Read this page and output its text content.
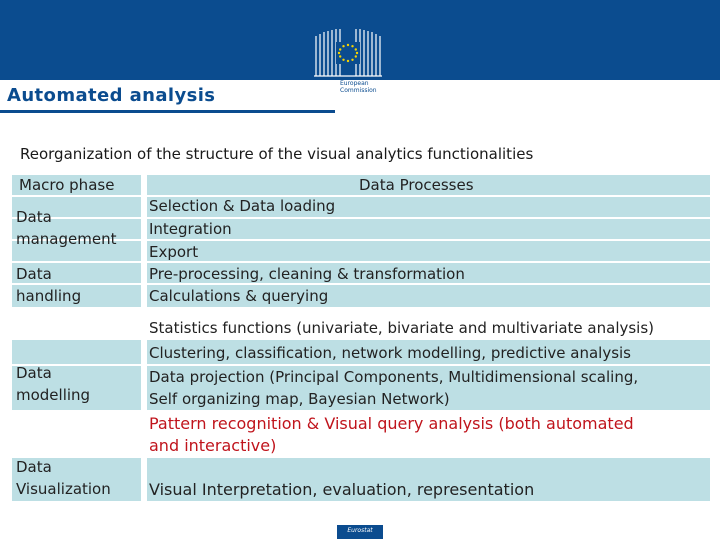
European Commission
Automated analysis
Reorganization of the structure of the visual analytics functionalities
Macro phase	Data Processes
Data
management
Data
handling
Data
modelling
Data
Visualization
Selection & Data loading
Integration
Export
Pre-processing, cleaning & transformation
Calculations & querying
Statistics functions (univariate, bivariate and multivariate analysis)
Clustering, classification, network modelling, predictive analysis
Data projection (Principal Components, Multidimensional scaling,
Self organizing map, Bayesian Network)
Pattern recognition & Visual query analysis (both automated
and interactive)
Visual Interpretation, evaluation, representation
Eurostat
